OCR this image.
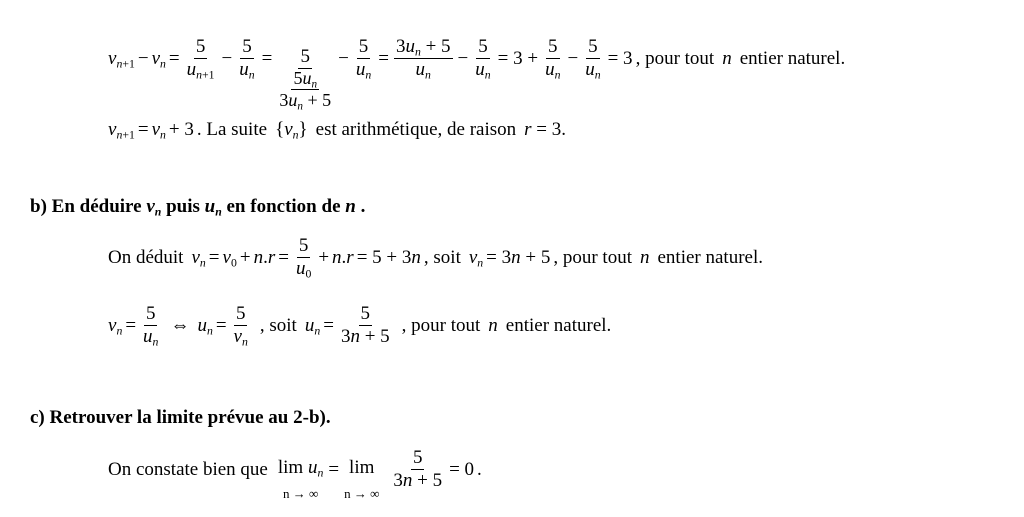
$v_{n+1} - v_n = \frac{5}{u_{n+1}} - \frac{5}{u_n} = \frac{5}{\frac{5u_n}{3u_n + 5}} - \frac{5}{u_n} = \frac{3u_n + 5}{u_n} - \frac{5}{u_n} = 3 + \frac{5}{u_n} - \frac{5}{u_n} = 3$ , pour tout n entier naturel.
$v_{n+1} = v_n + 3$ . La suite $\{v_n\}$ est arithmétique, de raison r = 3 .
b) En déduire $v_n$ puis $u_n$ en fonction de n .
On déduit $v_n = v_0 + n.r = \frac{5}{u_0} + n.r = 5 + 3n$ , soit $v_n = 3n + 5$ , pour tout n entier naturel.
$v_n = \frac{5}{u_n}$ ⇔ $u_n = \frac{5}{v_n}$ , soit $u_n = \frac{5}{3n + 5}$ , pour tout n entier naturel.
c) Retrouver la limite prévue au 2-b).
On constate bien que $\lim u_n$
n → ∞
= lim
n → ∞
$\frac{5}{3n + 5} = 0$ .
